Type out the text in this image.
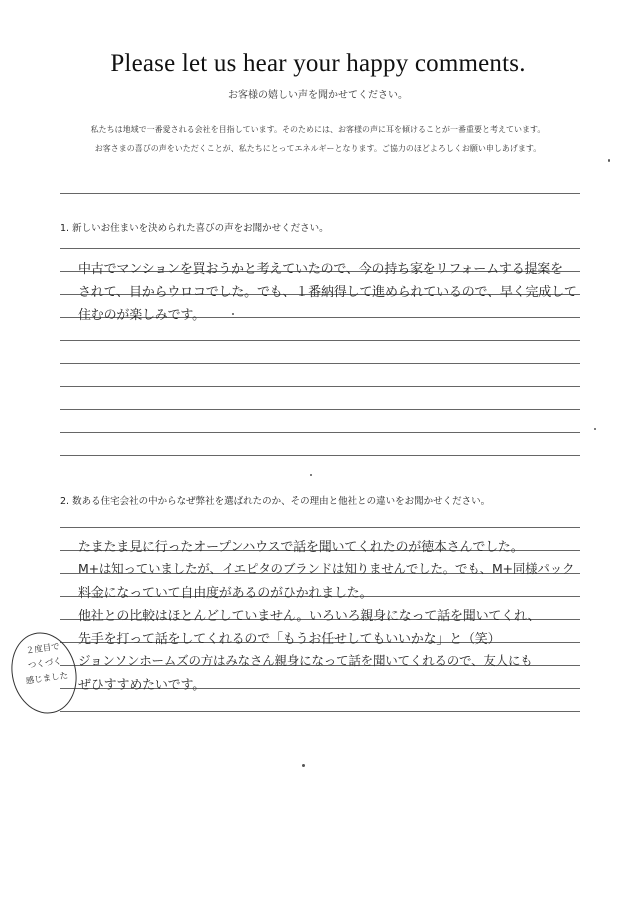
Please let us hear your happy comments.
お客様の嬉しい声を聞かせてください。
私たちは地域で一番愛される会社を目指しています。そのためには、お客様の声に耳を傾けることが一番重要と考えています。
お客さまの喜びの声をいただくことが、私たちにとってエネルギーとなります。ご協力のほどよろしくお願い申しあげます。
1. 新しいお住まいを決められた喜びの声をお聞かせください。
中古でマンションを買おうかと考えていたので、今の持ち家をリフォームする提案を
されて、目からウロコでした。でも、１番納得して進められているので、早く完成して
住むのが楽しみです。
2. 数ある住宅会社の中からなぜ弊社を選ばれたのか、その理由と他社との違いをお聞かせください。
たまたま見に行ったオープンハウスで話を聞いてくれたのが徳本さんでした。
M+は知っていましたが、イエピタのブランドは知りませんでした。でも、M+同様パック
料金になっていて自由度があるのがひかれました。
他社との比較はほとんどしていません。いろいろ親身になって話を聞いてくれ、
先手を打って話をしてくれるので「もうお任せしてもいいかな」と（笑）
ジョンソンホームズの方はみなさん親身になって話を聞いてくれるので、友人にも
ぜひすすめたいです。
２度目で
つくづく
感じました
